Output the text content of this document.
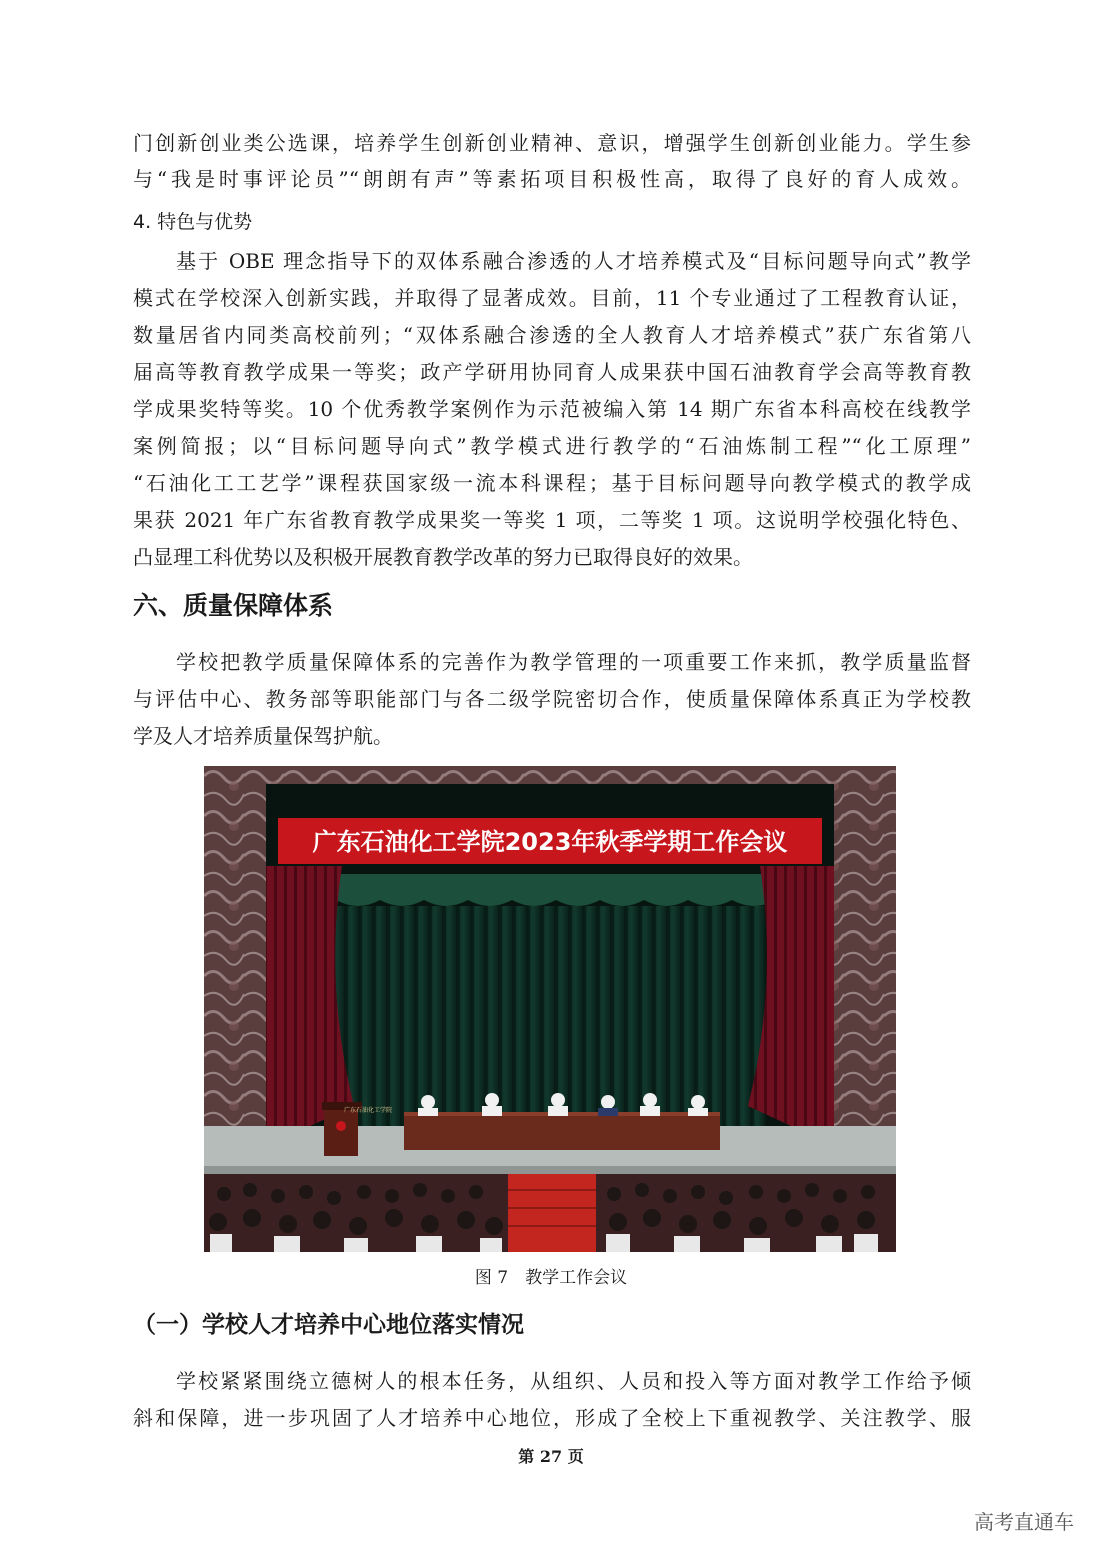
门创新创业类公选课，培养学生创新创业精神、意识，增强学生创新创业能力。学生参
与“我是时事评论员”“朗朗有声”等素拓项目积极性高，取得了良好的育人成效。
4. 特色与优势
基于 OBE 理念指导下的双体系融合渗透的人才培养模式及“目标问题导向式”教学
模式在学校深入创新实践，并取得了显著成效。目前，11 个专业通过了工程教育认证，
数量居省内同类高校前列；“双体系融合渗透的全人教育人才培养模式”获广东省第八
届高等教育教学成果一等奖；政产学研用协同育人成果获中国石油教育学会高等教育教
学成果奖特等奖。10 个优秀教学案例作为示范被编入第 14 期广东省本科高校在线教学
案例简报；以“目标问题导向式”教学模式进行教学的“石油炼制工程”“化工原理”
“石油化工工艺学”课程获国家级一流本科课程；基于目标问题导向教学模式的教学成
果获 2021 年广东省教育教学成果奖一等奖 1 项，二等奖 1 项。这说明学校强化特色、
凸显理工科优势以及积极开展教育教学改革的努力已取得良好的效果。
六、质量保障体系
学校把教学质量保障体系的完善作为教学管理的一项重要工作来抓，教学质量监督
与评估中心、教务部等职能部门与各二级学院密切合作，使质量保障体系真正为学校教
学及人才培养质量保驾护航。
广东石油化工学院2023年秋季学期工作会议
广东石油化工学院
图 7　教学工作会议
（一）学校人才培养中心地位落实情况
学校紧紧围绕立德树人的根本任务，从组织、人员和投入等方面对教学工作给予倾
斜和保障，进一步巩固了人才培养中心地位，形成了全校上下重视教学、关注教学、服
第 27 页
高考直通车
